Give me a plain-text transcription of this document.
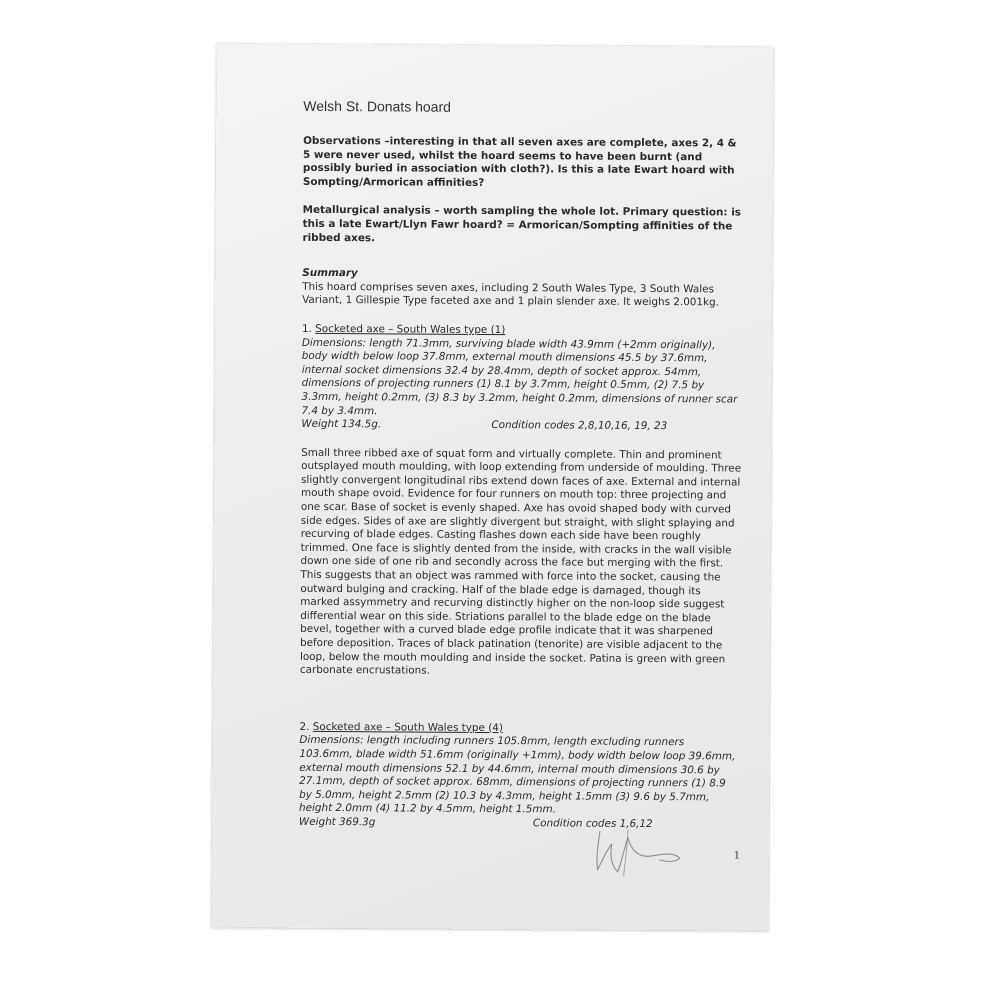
Welsh St. Donats hoard
Observations –interesting in that all seven axes are complete, axes 2, 4 & 5 were never used, whilst the hoard seems to have been burnt (and possibly buried in association with cloth?). Is this a late Ewart hoard with Sompting/Armorican affinities?
Metallurgical analysis – worth sampling the whole lot. Primary question: is this a late Ewart/Llyn Fawr hoard? = Armorican/Sompting affinities of the ribbed axes.
Summary
This hoard comprises seven axes, including 2 South Wales Type, 3 South Wales Variant, 1 Gillespie Type faceted axe and 1 plain slender axe. It weighs 2.001kg.
1. Socketed axe – South Wales type (1)
Dimensions: length 71.3mm, surviving blade width 43.9mm (+2mm originally), body width below loop 37.8mm, external mouth dimensions 45.5 by 37.6mm, internal socket dimensions 32.4 by 28.4mm, depth of socket approx. 54mm, dimensions of projecting runners (1) 8.1 by 3.7mm, height 0.5mm, (2) 7.5 by 3.3mm, height 0.2mm, (3) 8.3 by 3.2mm, height 0.2mm, dimensions of runner scar 7.4 by 3.4mm.
Weight 134.5g.	Condition codes 2,8,10,16, 19, 23
Small three ribbed axe of squat form and virtually complete. Thin and prominent outsplayed mouth moulding, with loop extending from underside of moulding. Three slightly convergent longitudinal ribs extend down faces of axe. External and internal mouth shape ovoid. Evidence for four runners on mouth top: three projecting and one scar. Base of socket is evenly shaped. Axe has ovoid shaped body with curved side edges. Sides of axe are slightly divergent but straight, with slight splaying and recurving of blade edges. Casting flashes down each side have been roughly trimmed. One face is slightly dented from the inside, with cracks in the wall visible down one side of one rib and secondly across the face but merging with the first. This suggests that an object was rammed with force into the socket, causing the outward bulging and cracking. Half of the blade edge is damaged, though its marked assymmetry and recurving distinctly higher on the non-loop side suggest differential wear on this side. Striations parallel to the blade edge on the blade bevel, together with a curved blade edge profile indicate that it was sharpened before deposition. Traces of black patination (tenorite) are visible adjacent to the loop, below the mouth moulding and inside the socket. Patina is green with green carbonate encrustations.
2. Socketed axe – South Wales type (4)
Dimensions: length including runners 105.8mm, length excluding runners 103.6mm, blade width 51.6mm (originally +1mm), body width below loop 39.6mm, external mouth dimensions 52.1 by 44.6mm, internal mouth dimensions 30.6 by 27.1mm, depth of socket approx. 68mm, dimensions of projecting runners (1) 8.9 by 5.0mm, height 2.5mm (2) 10.3 by 4.3mm, height 1.5mm (3) 9.6 by 5.7mm, height 2.0mm (4) 11.2 by 4.5mm, height 1.5mm.
Weight 369.3g	Condition codes 1,6,12
1
